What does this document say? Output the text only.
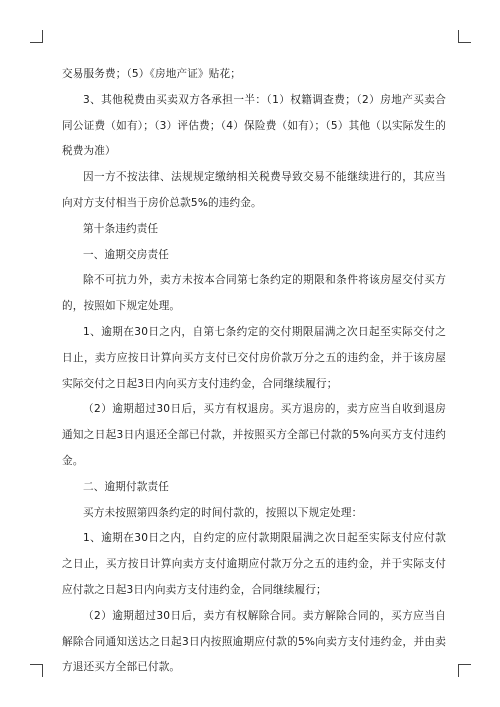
交易服务费；（5）《房地产证》贴花；

3、其他税费由买卖双方各承担一半：（1）权籍调查费；（2）房地产买卖合同公证费（如有）；（3）评估费；（4）保险费（如有）；（5）其他（以实际发生的税费为准）

因一方不按法律、法规规定缴纳相关税费导致交易不能继续进行的，其应当向对方支付相当于房价总款5%的违约金。

第十条违约责任

一、逾期交房责任

除不可抗力外，卖方未按本合同第七条约定的期限和条件将该房屋交付买方的，按照如下规定处理。

1、逾期在30日之内，自第七条约定的交付期限届满之次日起至实际交付之日止，卖方应按日计算向买方支付已交付房价款万分之五的违约金，并于该房屋实际交付之日起3日内向买方支付违约金，合同继续履行；

（2）逾期超过30日后，买方有权退房。买方退房的，卖方应当自收到退房通知之日起3日内退还全部已付款，并按照买方全部已付款的5%向买方支付违约金。

二、逾期付款责任

买方未按照第四条约定的时间付款的，按照以下规定处理：

1、逾期在30日之内，自约定的应付款期限届满之次日起至实际支付应付款之日止，买方按日计算向卖方支付逾期应付款万分之五的违约金，并于实际支付应付款之日起3日内向卖方支付违约金，合同继续履行；

（2）逾期超过30日后，卖方有权解除合同。卖方解除合同的，买方应当自解除合同通知送达之日起3日内按照逾期应付款的5%向卖方支付违约金，并由卖方退还买方全部已付款。
